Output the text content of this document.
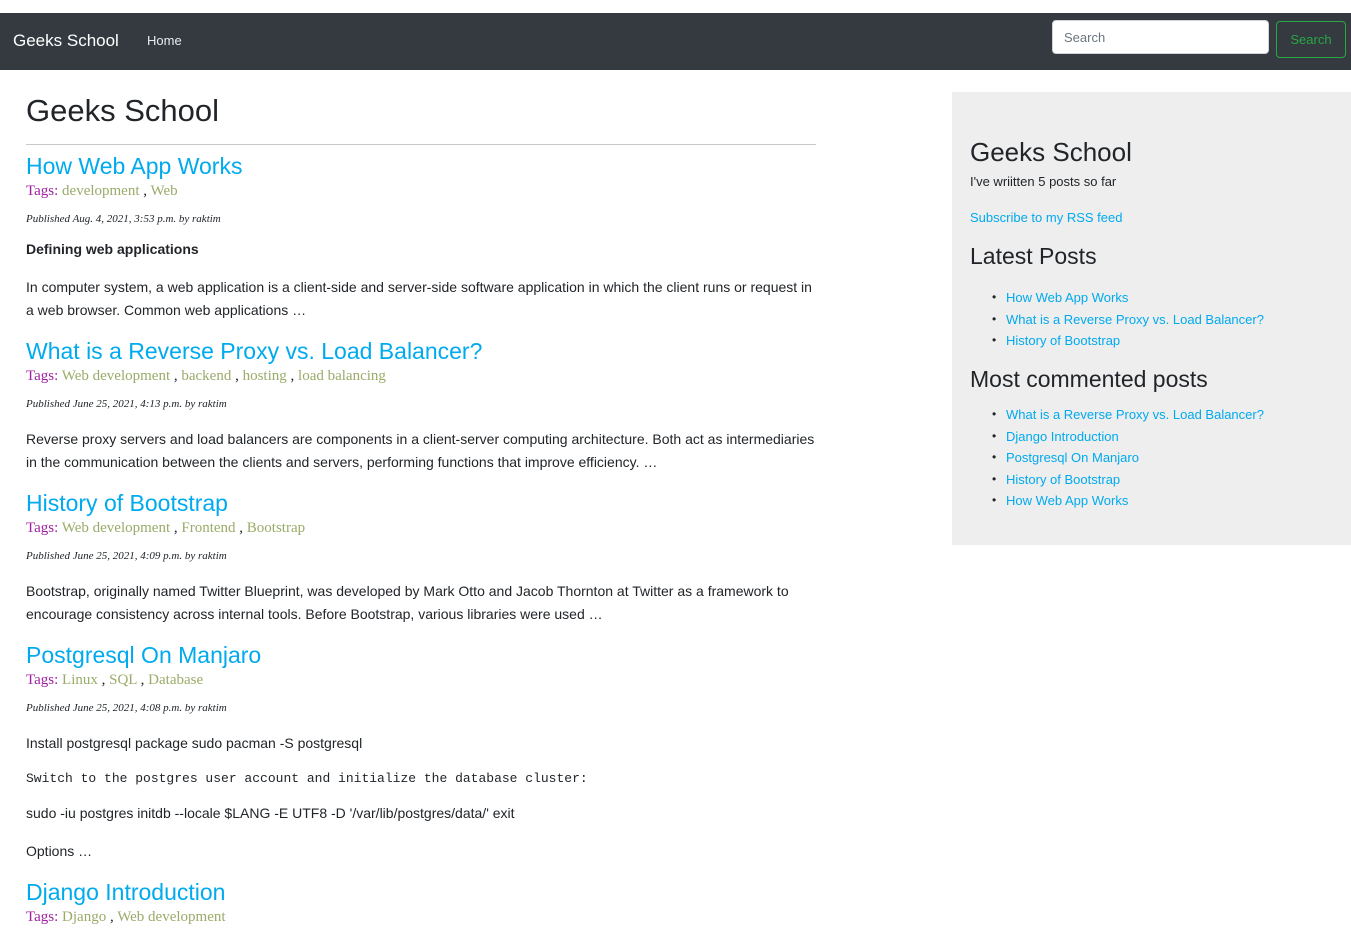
Geeks School Home
Search	Search
Geeks School
How Web App Works
Tags: development , Web
Published Aug. 4, 2021, 3:53 p.m. by raktim

Defining web applications

In computer system, a web application is a client-side and server-side software application in which the client runs or request in a web browser. Common web applications …

What is a Reverse Proxy vs. Load Balancer?
Tags: Web development , backend , hosting , load balancing
Published June 25, 2021, 4:13 p.m. by raktim

Reverse proxy servers and load balancers are components in a client-server computing architecture. Both act as intermediaries in the communication between the clients and servers, performing functions that improve efficiency. …

History of Bootstrap
Tags: Web development , Frontend , Bootstrap
Published June 25, 2021, 4:09 p.m. by raktim

Bootstrap, originally named Twitter Blueprint, was developed by Mark Otto and Jacob Thornton at Twitter as a framework to encourage consistency across internal tools. Before Bootstrap, various libraries were used …

Postgresql On Manjaro
Tags: Linux , SQL , Database
Published June 25, 2021, 4:08 p.m. by raktim

Install postgresql package sudo pacman -S postgresql

Switch to the postgres user account and initialize the database cluster:

sudo -iu postgres initdb --locale $LANG -E UTF8 -D '/var/lib/postgres/data/' exit

Options …

Django Introduction
Tags: Django , Web development
Geeks School

I've wriitten 5 posts so far

Subscribe to my RSS feed
Latest Posts
• How Web App Works
• What is a Reverse Proxy vs. Load Balancer?
• History of Bootstrap
Most commented posts
• What is a Reverse Proxy vs. Load Balancer?
• Django Introduction
• Postgresql On Manjaro
• History of Bootstrap
• How Web App Works
